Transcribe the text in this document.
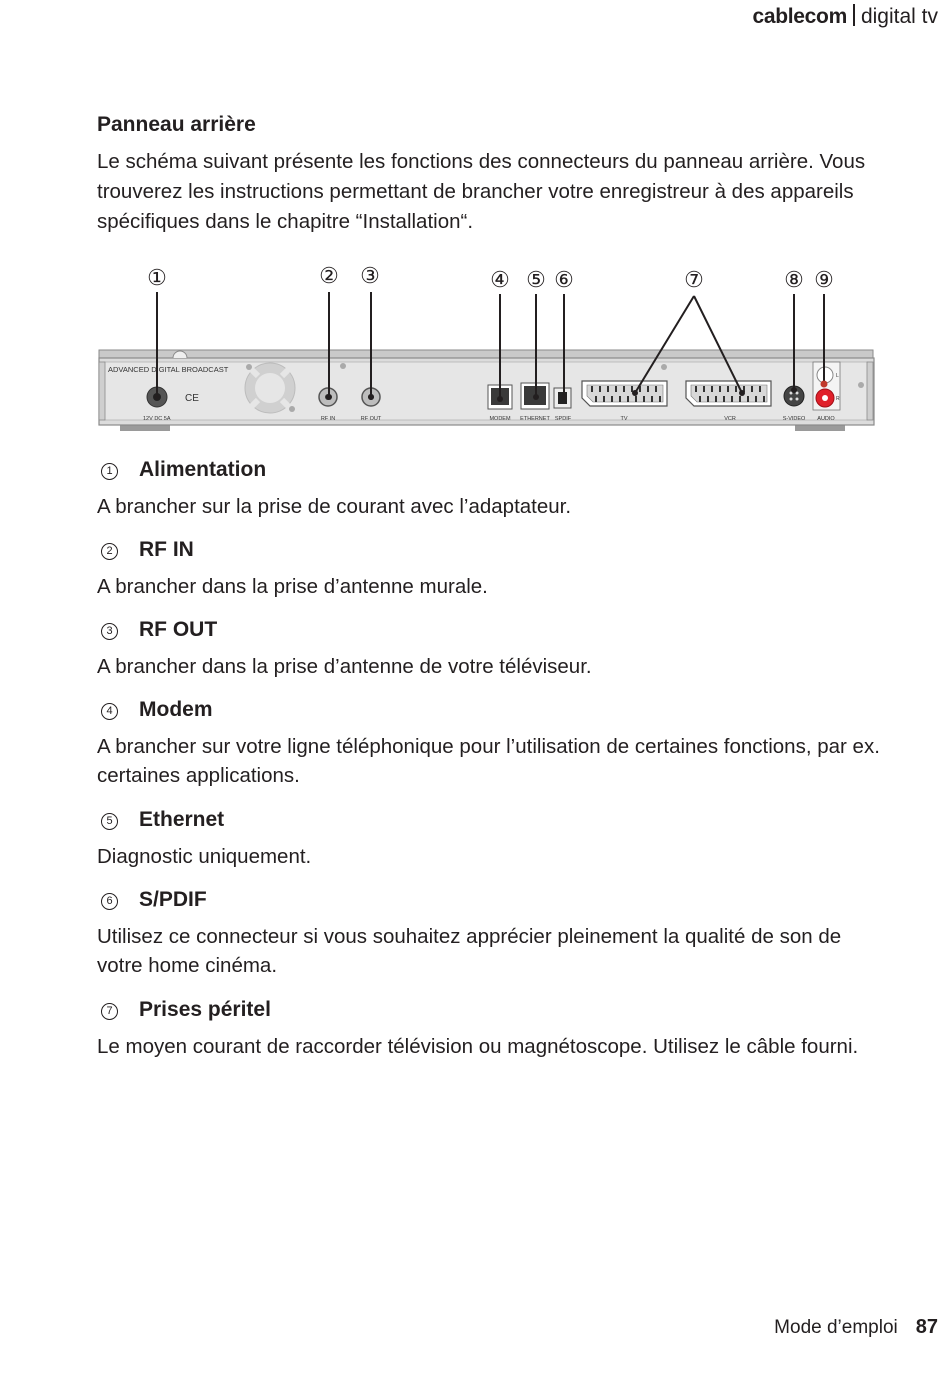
cablecom digital tv
Panneau arrière

Le schéma suivant présente les fonctions des connecteurs du panneau arrière. Vous trouverez les instructions permettant de brancher votre enregistreur à des appareils spécifiques dans le chapitre “Installation“.

①	② ③	④ ⑤ ⑥	⑦	⑧ ⑨
ADVANCED DIGITAL BROADCAST
CE
12V DC 5A	RF IN	RF OUT	MODEM ETHERNET SPDIF	TV	VCR
L
R
S-VIDEO AUDIO
1 Alimentation

A brancher sur la prise de courant avec l’adaptateur.

2 RF IN

A brancher dans la prise d’antenne murale.

3 RF OUT

A brancher dans la prise d’antenne de votre téléviseur.

4 Modem

A brancher sur votre ligne téléphonique pour l’utilisation de certaines fonctions, par ex. certaines applications.

5 Ethernet

Diagnostic uniquement.

6 S/PDIF

Utilisez ce connecteur si vous souhaitez apprécier pleinement la qualité de son de votre home cinéma.

7 Prises péritel

Le moyen courant de raccorder télévision ou magnétoscope. Utilisez le câble fourni.

Mode d’emploi 87
